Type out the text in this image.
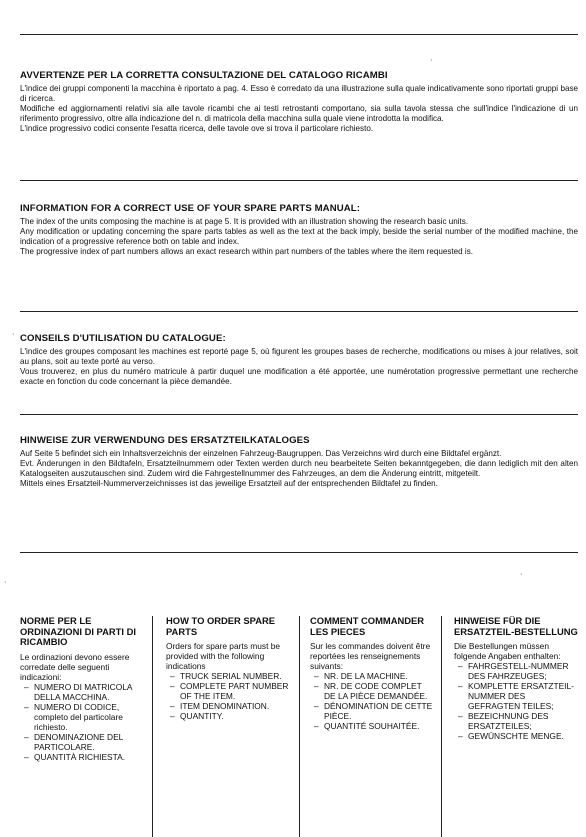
AVVERTENZE PER LA CORRETTA CONSULTAZIONE DEL CATALOGO RICAMBI

L'indice dei gruppi componenti la macchina è riportato a pag. 4. Esso è corredato da una illustrazione sulla quale indicativamente sono riportati gruppi base di ricerca.

Modifiche ed aggiornamenti relativi sia alle tavole ricambi che ai testi retrostanti comportano, sia sulla tavola stessa che sull'indice l'indicazione di un riferimento progressivo, oltre alla indicazione del n. di matricola della macchina sulla quale viene introdotta la modifica.

L'indice progressivo codici consente l'esatta ricerca, delle tavole ove si trova il particolare richiesto.

INFORMATION FOR A CORRECT USE OF YOUR SPARE PARTS MANUAL:

The index of the units composing the machine is at page 5. It is provided with an illustration showing the research basic units.

Any modification or updating concerning the spare parts tables as well as the text at the back imply, beside the serial number of the modified machine, the indication of a progressive reference both on table and index.

The progressive index of part numbers allows an exact research within part numbers of the tables where the item requested is.

CONSEILS D'UTILISATION DU CATALOGUE:

L'indice des groupes composant les machines est reporté page 5, où figurent les groupes bases de recherche, modifications ou mises à jour relatives, soit au plans, soit au texte porté au verso.

Vous trouverez, en plus du numéro matricule à partir duquel une modification a été apportée, une numérotation progressive permettant une recherche exacte en fonction du code concernant la pièce demandée.

HINWEISE ZUR VERWENDUNG DES ERSATZTEILKATALOGES

Auf Seite 5 befindet sich ein Inhaltsverzeichnis der einzelnen Fahrzeug-Baugruppen. Das Verzeichns wird durch eine Bildtafel ergänzt.

Evt. Änderungen in den Bildtafeln, Ersatzteilnummern oder Texten werden durch neu bearbeitete Seiten bekanntgegeben, die dann lediglich mit den alten Katalogseiten auszutauschen sind. Zudem wird die Fahrgestellnummer des Fahrzeuges, an dem die Änderung eintritt, mitgeteilt.

Mittels eines Ersatzteil-Nummerverzeichnisses ist das jeweilige Ersatzteil auf der entsprechenden Bildtafel zu finden.

·
·
·
·
NORME PER LE ORDINAZIONI DI PARTI DI RICAMBIO

Le ordinazioni devono essere corredate delle seguenti indicazioni:

– NUMERO DI MATRICOLA DELLA MACCHINA.
– NUMERO DI CODICE, completo del particolare richiesto.
– DENOMINAZIONE DEL PARTICOLARE.
– QUANTITÀ RICHIESTA.
HOW TO ORDER SPARE PARTS

Orders for spare parts must be provided with the following indications

– TRUCK SERIAL NUMBER.
– COMPLETE PART NUMBER OF THE ITEM.
– ITEM DENOMINATION.
– QUANTITY.
COMMENT COMMANDER LES PIECES

Sur les commandes doivent être reportées les renseignements suivants:

– NR. DE LA MACHINE.
– NR. DE CODE COMPLET DE LA PIÈCE DEMANDÉE.
– DÉNOMINATION DE CETTE PIÈCE.
– QUANTITÉ SOUHAITÉE.
HINWEISE FÜR DIE ERSATZTEIL-BESTELLUNG

Die Bestellungen müssen folgende Angaben enthalten:

– FAHRGESTELL-NUMMER DES FAHRZEUGES;
– KOMPLETTE ERSATZTEIL-NUMMER DES GEFRAGTEN TEILES;
– BEZEICHNUNG DES ERSATZTEILES;
– GEWÜNSCHTE MENGE.
